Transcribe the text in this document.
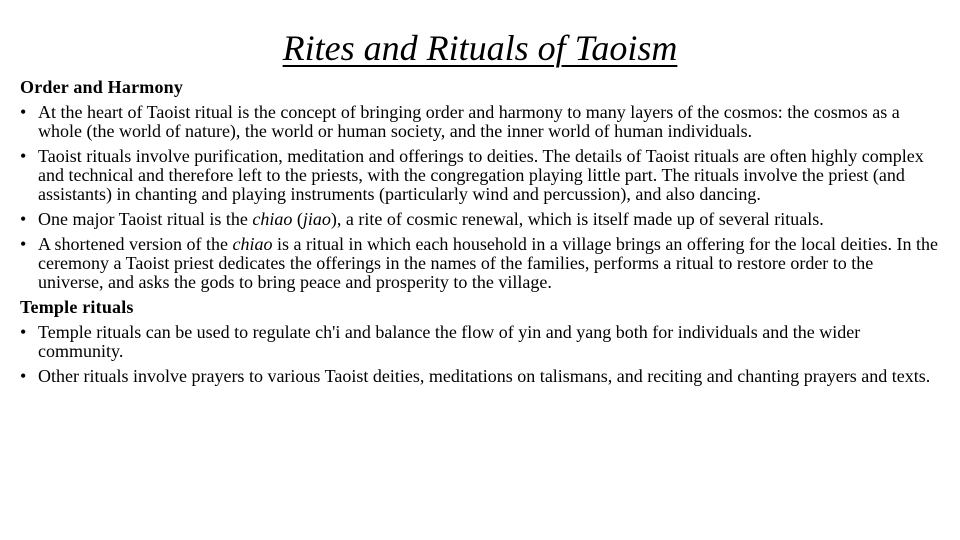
Rites and Rituals of Taoism
Order and Harmony
• At the heart of Taoist ritual is the concept of bringing order and harmony to many layers of the cosmos: the cosmos as a whole (the world of nature), the world or human society, and the inner world of human individuals.
• Taoist rituals involve purification, meditation and offerings to deities. The details of Taoist rituals are often highly complex and technical and therefore left to the priests, with the congregation playing little part. The rituals involve the priest (and assistants) in chanting and playing instruments (particularly wind and percussion), and also dancing.
• One major Taoist ritual is the chiao (jiao), a rite of cosmic renewal, which is itself made up of several rituals.
• A shortened version of the chiao is a ritual in which each household in a village brings an offering for the local deities. In the ceremony a Taoist priest dedicates the offerings in the names of the families, performs a ritual to restore order to the universe, and asks the gods to bring peace and prosperity to the village.
Temple rituals
• Temple rituals can be used to regulate ch'i and balance the flow of yin and yang both for individuals and the wider community.
• Other rituals involve prayers to various Taoist deities, meditations on talismans, and reciting and chanting prayers and texts.
